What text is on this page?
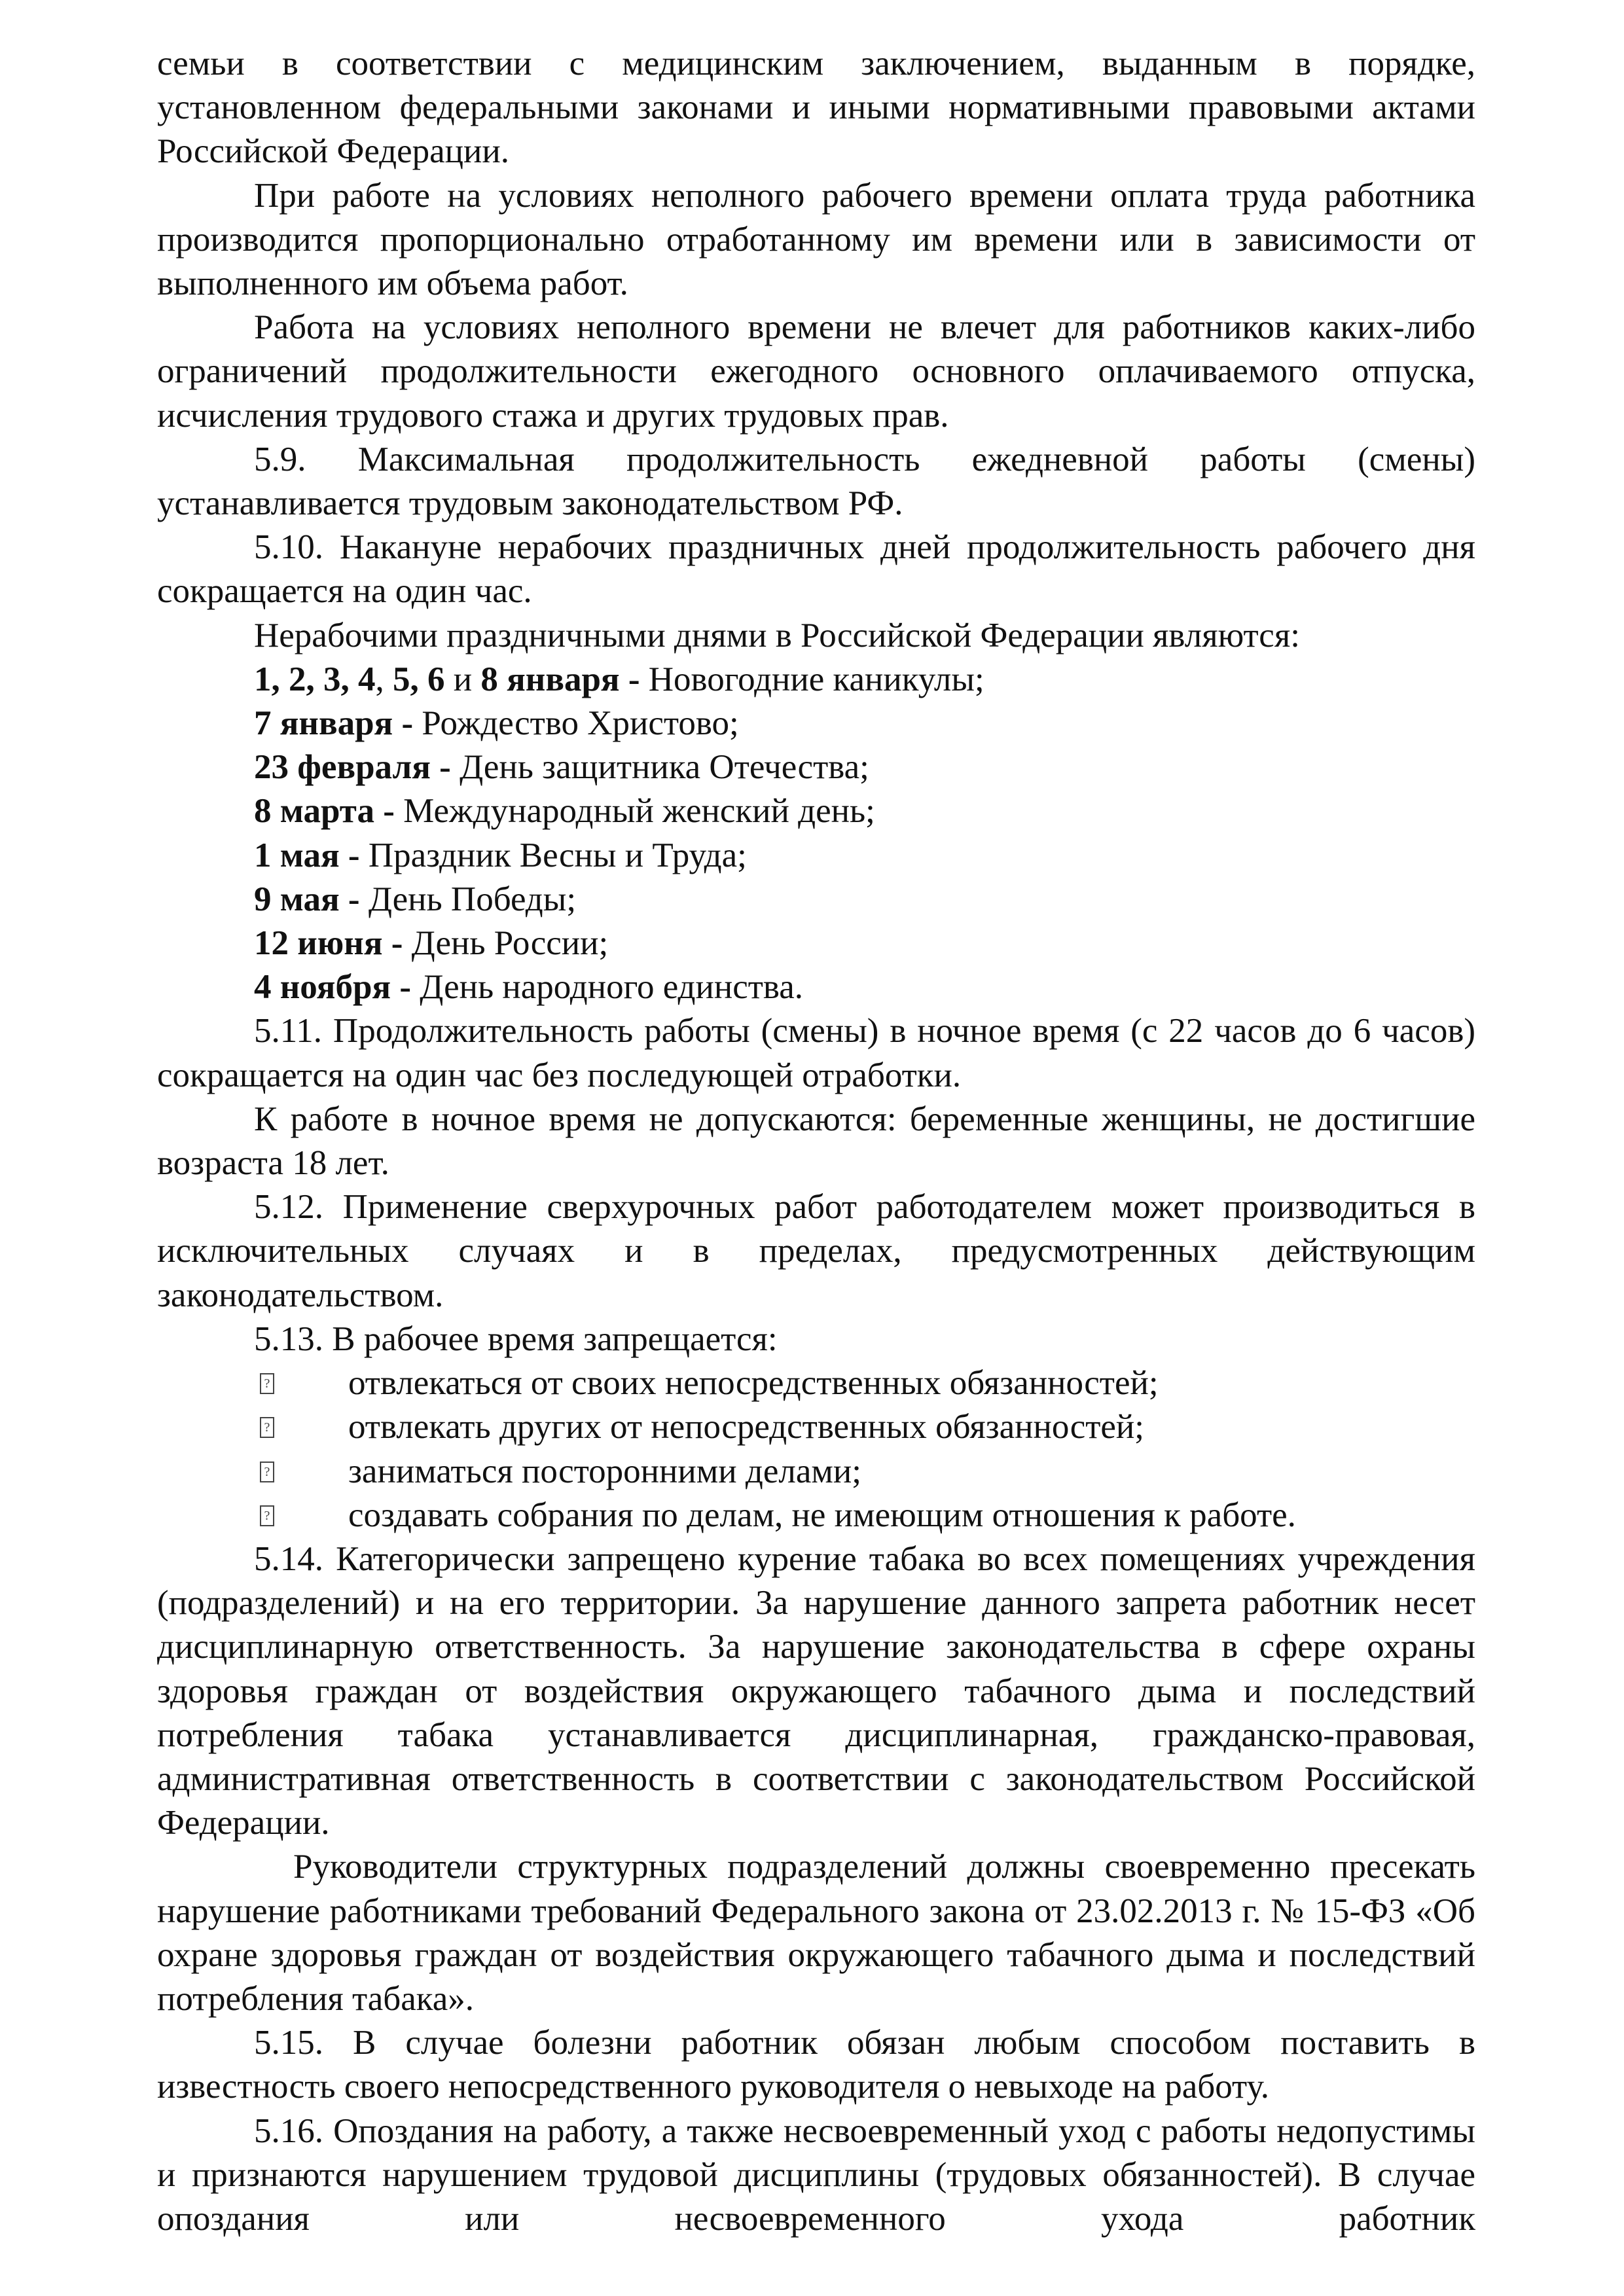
семьи в соответствии с медицинским заключением, выданным в порядке, установленном федеральными законами и иными нормативными правовыми актами Российской Федерации.

При работе на условиях неполного рабочего времени оплата труда работника производится пропорционально отработанному им времени или в зависимости от выполненного им объема работ.

Работа на условиях неполного времени не влечет для работников каких-либо ограничений продолжительности ежегодного основного оплачиваемого отпуска, исчисления трудового стажа и других трудовых прав.

5.9. Максимальная продолжительность ежедневной работы (смены) устанавливается трудовым законодательством РФ.

5.10. Накануне нерабочих праздничных дней продолжительность рабочего дня сокращается на один час.

Нерабочими праздничными днями в Российской Федерации являются:

1, 2, 3, 4, 5, 6 и 8 января - Новогодние каникулы;
7 января - Рождество Христово;
23 февраля - День защитника Отечества;
8 марта - Международный женский день;
1 мая - Праздник Весны и Труда;
9 мая - День Победы;
12 июня - День России;
4 ноября - День народного единства.

5.11. Продолжительность работы (смены) в ночное время (с 22 часов до 6 часов) сокращается на один час без последующей отработки.

К работе в ночное время не допускаются: беременные женщины, не достигшие возраста 18 лет.

5.12. Применение сверхурочных работ работодателем может производиться в исключительных случаях и в пределах, предусмотренных действующим законодательством.

5.13. В рабочее время запрещается:

? отвлекаться от своих непосредственных обязанностей;
? отвлекать других от непосредственных обязанностей;
? заниматься посторонними делами;
? создавать собрания по делам, не имеющим отношения к работе.

5.14. Категорически запрещено курение табака во всех помещениях учреждения (подразделений) и на его территории. За нарушение данного запрета работник несет дисциплинарную ответственность. За нарушение законодательства в сфере охраны здоровья граждан от воздействия окружающего табачного дыма и последствий потребления табака устанавливается дисциплинарная, гражданско-правовая, административная ответственность в соответствии с законодательством Российской Федерации.

Руководители структурных подразделений должны своевременно пресекать нарушение работниками требований Федерального закона от 23.02.2013 г. № 15-ФЗ «Об охране здоровья граждан от воздействия окружающего табачного дыма и последствий потребления табака».

5.15. В случае болезни работник обязан любым способом поставить в известность своего непосредственного руководителя о невыходе на работу.

5.16. Опоздания на работу, а также несвоевременный уход с работы недопустимы и признаются нарушением трудовой дисциплины (трудовых обязанностей). В случае опоздания или несвоевременного ухода работник
